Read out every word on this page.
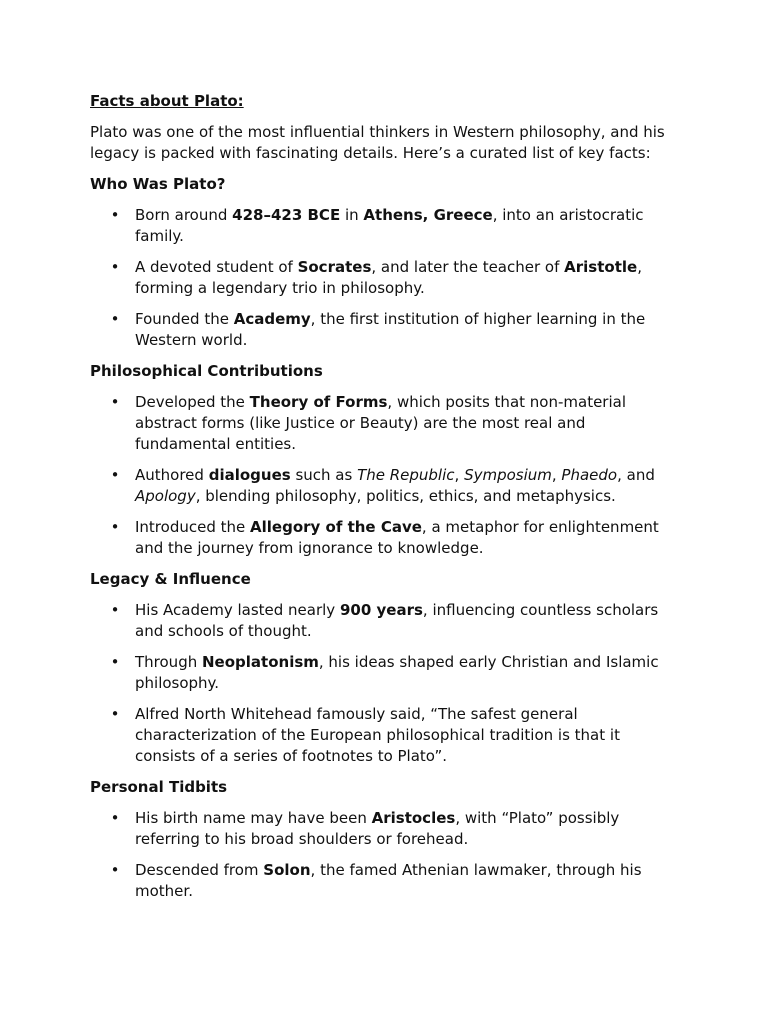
Facts about Plato:

Plato was one of the most influential thinkers in Western philosophy, and his legacy is packed with fascinating details. Here’s a curated list of key facts:

Who Was Plato?

• Born around 428–423 BCE in Athens, Greece, into an aristocratic family.
• A devoted student of Socrates, and later the teacher of Aristotle, forming a legendary trio in philosophy.
• Founded the Academy, the first institution of higher learning in the Western world.

Philosophical Contributions

• Developed the Theory of Forms, which posits that non-material abstract forms (like Justice or Beauty) are the most real and fundamental entities.
• Authored dialogues such as The Republic, Symposium, Phaedo, and Apology, blending philosophy, politics, ethics, and metaphysics.
• Introduced the Allegory of the Cave, a metaphor for enlightenment and the journey from ignorance to knowledge.

Legacy & Influence

• His Academy lasted nearly 900 years, influencing countless scholars and schools of thought.
• Through Neoplatonism, his ideas shaped early Christian and Islamic philosophy.
• Alfred North Whitehead famously said, “The safest general characterization of the European philosophical tradition is that it consists of a series of footnotes to Plato”.

Personal Tidbits

• His birth name may have been Aristocles, with “Plato” possibly referring to his broad shoulders or forehead.
• Descended from Solon, the famed Athenian lawmaker, through his mother.
